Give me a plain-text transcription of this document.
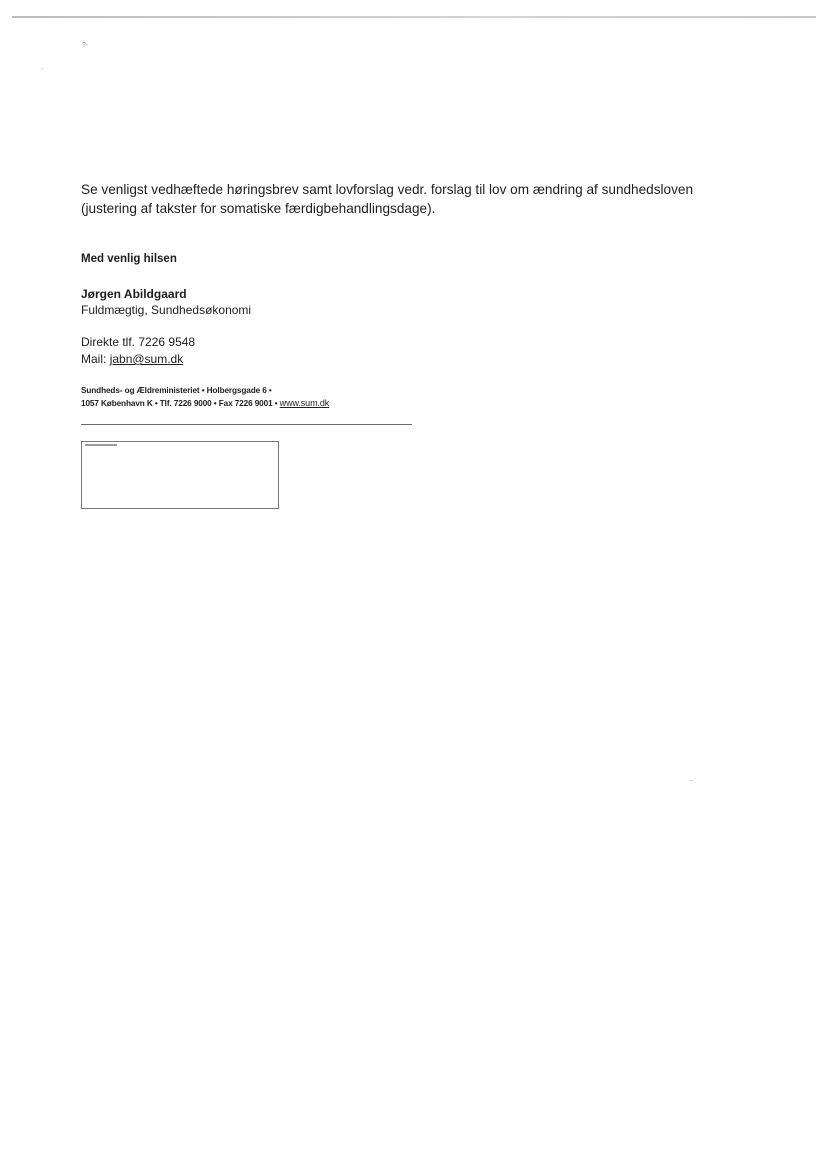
?-
-
Se venligst vedhæftede høringsbrev samt lovforslag vedr. forslag til lov om ændring af sundhedsloven (justering af takster for somatiske færdigbehandlingsdage).
Med venlig hilsen
Jørgen Abildgaard
Fuldmægtig, Sundhedsøkonomi
Direkte tlf. 7226 9548
Mail: jabn@sum.dk
Sundheds- og Ældreministeriet • Holbergsgade 6 •
1057 København K • Tlf. 7226 9000 • Fax 7226 9001 • www.sum.dk
